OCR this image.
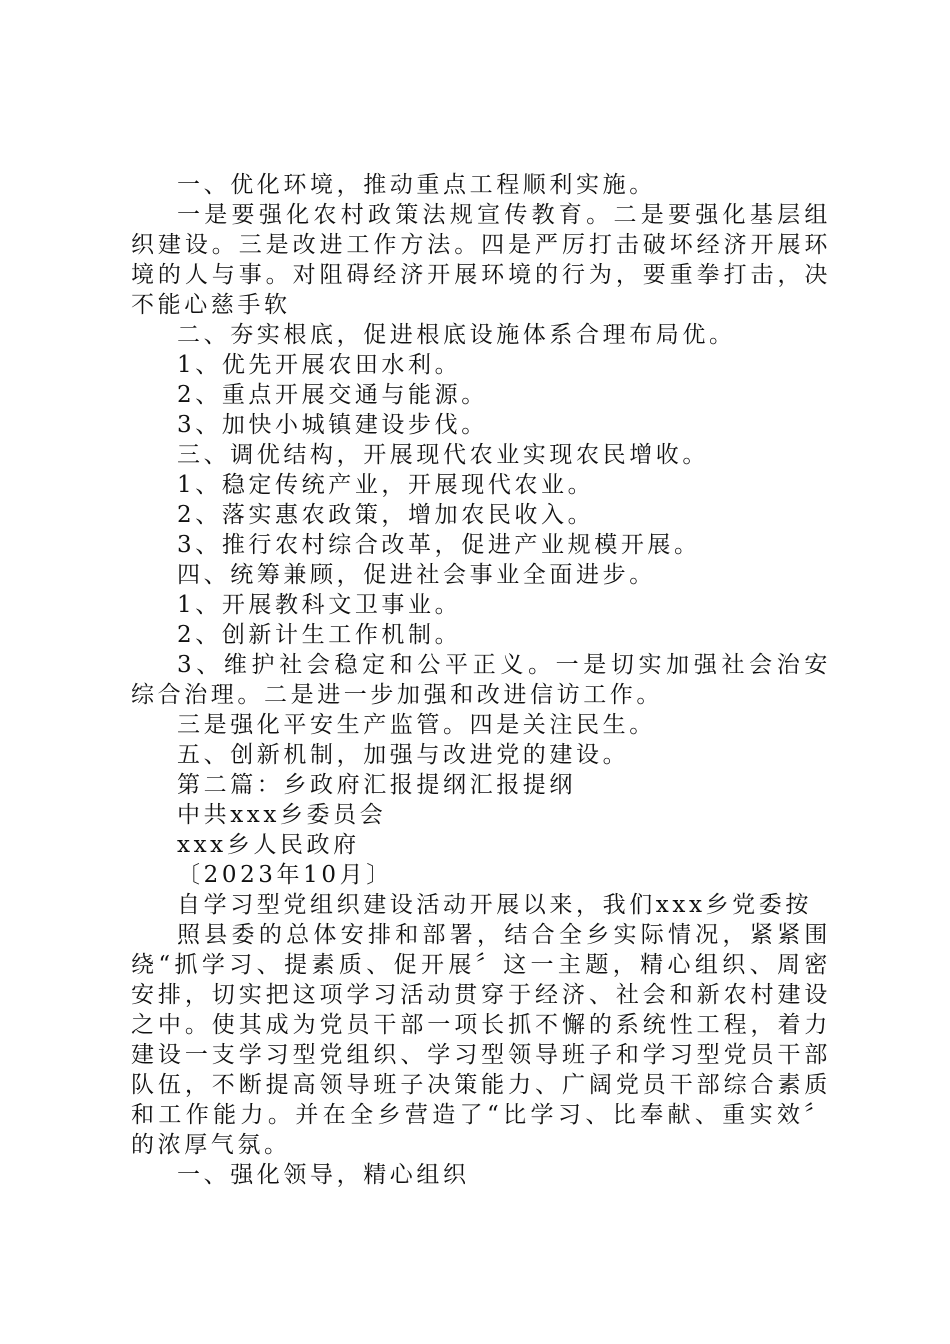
一、优化环境，推动重点工程顺利实施。

一是要强化农村政策法规宣传教育。二是要强化基层组织建设。三是改进工作方法。四是严厉打击破坏经济开展环境的人与事。对阻碍经济开展环境的行为，要重拳打击，决不能心慈手软

二、夯实根底，促进根底设施体系合理布局优。

1、优先开展农田水利。

2、重点开展交通与能源。

3、加快小城镇建设步伐。

三、调优结构，开展现代农业实现农民增收。

1、稳定传统产业，开展现代农业。

2、落实惠农政策，增加农民收入。

3、推行农村综合改革，促进产业规模开展。

四、统筹兼顾，促进社会事业全面进步。

1、开展教科文卫事业。

2、创新计生工作机制。

3、维护社会稳定和公平正义。一是切实加强社会治安综合治理。二是进一步加强和改进信访工作。

三是强化平安生产监管。四是关注民生。

五、创新机制，加强与改进党的建设。

第二篇：乡政府汇报提纲汇报提纲

中共xxx乡委员会

xxx乡人民政府

〔2023年10月〕

自学习型党组织建设活动开展以来，我们xxx乡党委按

照县委的总体安排和部署，结合全乡实际情况，紧紧围绕“抓学习、提素质、促开展〞这一主题，精心组织、周密安排，切实把这项学习活动贯穿于经济、社会和新农村建设之中。使其成为党员干部一项长抓不懈的系统性工程，着力建设一支学习型党组织、学习型领导班子和学习型党员干部队伍，不断提高领导班子决策能力、广阔党员干部综合素质和工作能力。并在全乡营造了“比学习、比奉献、重实效〞的浓厚气氛。

一、强化领导，精心组织
